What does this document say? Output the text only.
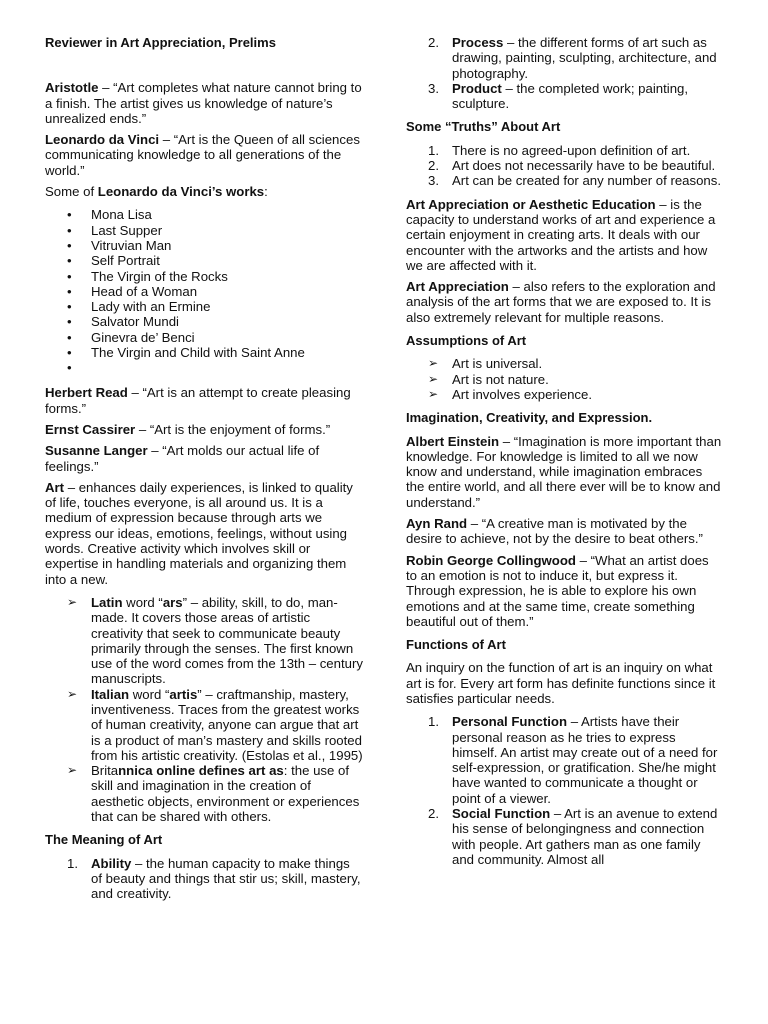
Reviewer in Art Appreciation, Prelims

Aristotle – “Art completes what nature cannot bring to a finish. The artist gives us knowledge of nature’s unrealized ends.”

Leonardo da Vinci – “Art is the Queen of all sciences communicating knowledge to all generations of the world.”

Some of Leonardo da Vinci’s works:

• Mona Lisa
• Last Supper
• Vitruvian Man
• Self Portrait
• The Virgin of the Rocks
• Head of a Woman
• Lady with an Ermine
• Salvator Mundi
• Ginevra de’ Benci
• The Virgin and Child with Saint Anne
•

Herbert Read – “Art is an attempt to create pleasing forms.”

Ernst Cassirer – “Art is the enjoyment of forms.”

Susanne Langer – “Art molds our actual life of feelings.”

Art – enhances daily experiences, is linked to quality of life, touches everyone, is all around us. It is a medium of expression because through arts we express our ideas, emotions, feelings, without using words. Creative activity which involves skill or expertise in handling materials and organizing them into a new.

➢ Latin word “ars” – ability, skill, to do, man-made. It covers those areas of artistic creativity that seek to communicate beauty primarily through the senses. The first known use of the word comes from the 13th – century manuscripts.
➢ Italian word “artis” – craftmanship, mastery, inventiveness. Traces from the greatest works of human creativity, anyone can argue that art is a product of man’s mastery and skills rooted from his artistic creativity. (Estolas et al., 1995)
➢ Britannica online defines art as: the use of skill and imagination in the creation of aesthetic objects, environment or experiences that can be shared with others.
The Meaning of Art
1. Ability – the human capacity to make things of beauty and things that stir us; skill, mastery, and creativity.
2. Process – the different forms of art such as drawing, painting, sculpting, architecture, and photography.
3. Product – the completed work; painting, sculpture.
Some “Truths” About Art
1. There is no agreed-upon definition of art.
2. Art does not necessarily have to be beautiful.
3. Art can be created for any number of reasons.

Art Appreciation or Aesthetic Education – is the capacity to understand works of art and experience a certain enjoyment in creating arts. It deals with our encounter with the artworks and the artists and how we are affected with it.

Art Appreciation – also refers to the exploration and analysis of the art forms that we are exposed to. It is also extremely relevant for multiple reasons.

Assumptions of Art
➢ Art is universal.
➢ Art is not nature.
➢ Art involves experience.
Imagination, Creativity, and Expression.

Albert Einstein – “Imagination is more important than knowledge. For knowledge is limited to all we now know and understand, while imagination embraces the entire world, and all there ever will be to know and understand.”

Ayn Rand – “A creative man is motivated by the desire to achieve, not by the desire to beat others.”

Robin George Collingwood – “What an artist does to an emotion is not to induce it, but express it. Through expression, he is able to explore his own emotions and at the same time, create something beautiful out of them.”

Functions of Art

An inquiry on the function of art is an inquiry on what art is for. Every art form has definite functions since it satisfies particular needs.

1. Personal Function – Artists have their personal reason as he tries to express himself. An artist may create out of a need for self-expression, or gratification. She/he might have wanted to communicate a thought or point of a viewer.
2. Social Function – Art is an avenue to extend his sense of belongingness and connection with people. Art gathers man as one family and community. Almost all
